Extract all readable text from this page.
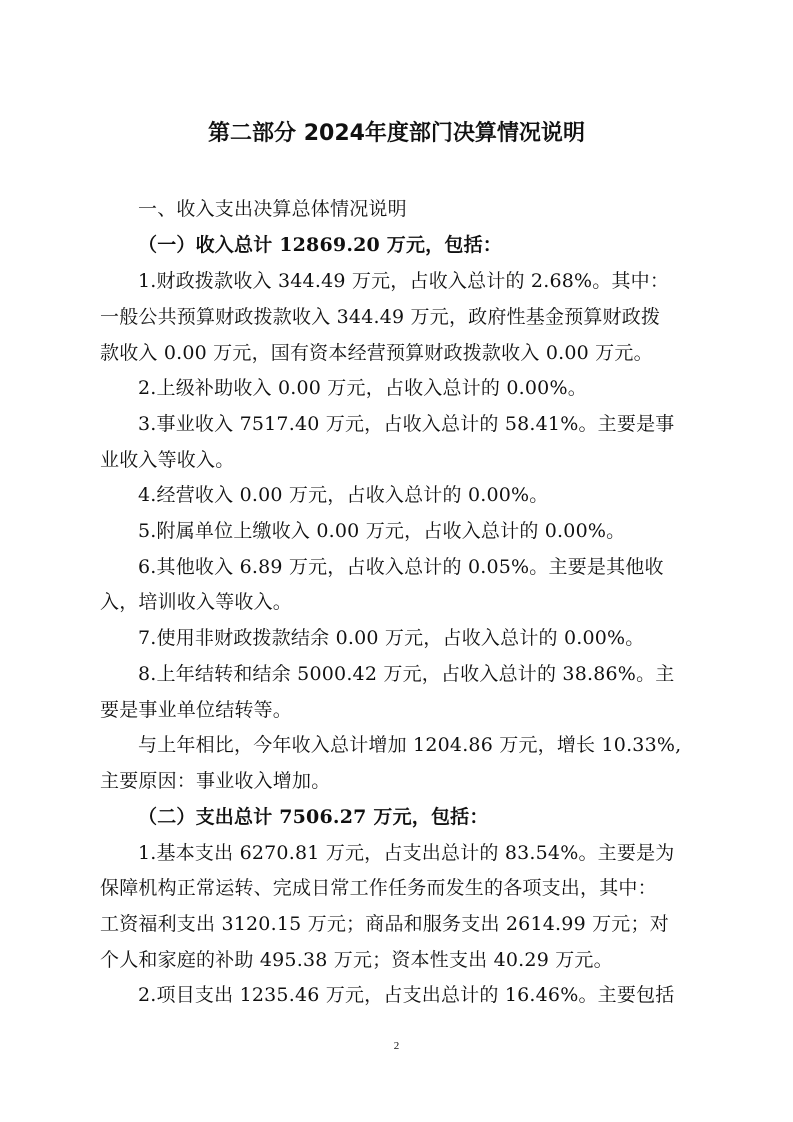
第二部分 2024年度部门决算情况说明
一、收入支出决算总体情况说明
（一）收入总计 12869.20 万元，包括：
1.财政拨款收入 344.49 万元，占收入总计的 2.68%。其中：
一般公共预算财政拨款收入 344.49 万元，政府性基金预算财政拨
款收入 0.00 万元，国有资本经营预算财政拨款收入 0.00 万元。
2.上级补助收入 0.00 万元，占收入总计的 0.00%。
3.事业收入 7517.40 万元，占收入总计的 58.41%。主要是事
业收入等收入。
4.经营收入 0.00 万元，占收入总计的 0.00%。
5.附属单位上缴收入 0.00 万元，占收入总计的 0.00%。
6.其他收入 6.89 万元，占收入总计的 0.05%。主要是其他收
入，培训收入等收入。
7.使用非财政拨款结余 0.00 万元，占收入总计的 0.00%。
8.上年结转和结余 5000.42 万元，占收入总计的 38.86%。主
要是事业单位结转等。
与上年相比，今年收入总计增加 1204.86 万元，增长 10.33%,
主要原因：事业收入增加。
（二）支出总计 7506.27 万元，包括：
1.基本支出 6270.81 万元，占支出总计的 83.54%。主要是为
保障机构正常运转、完成日常工作任务而发生的各项支出，其中：
工资福利支出 3120.15 万元；商品和服务支出 2614.99 万元；对
个人和家庭的补助 495.38 万元；资本性支出 40.29 万元。
2.项目支出 1235.46 万元，占支出总计的 16.46%。主要包括
2
